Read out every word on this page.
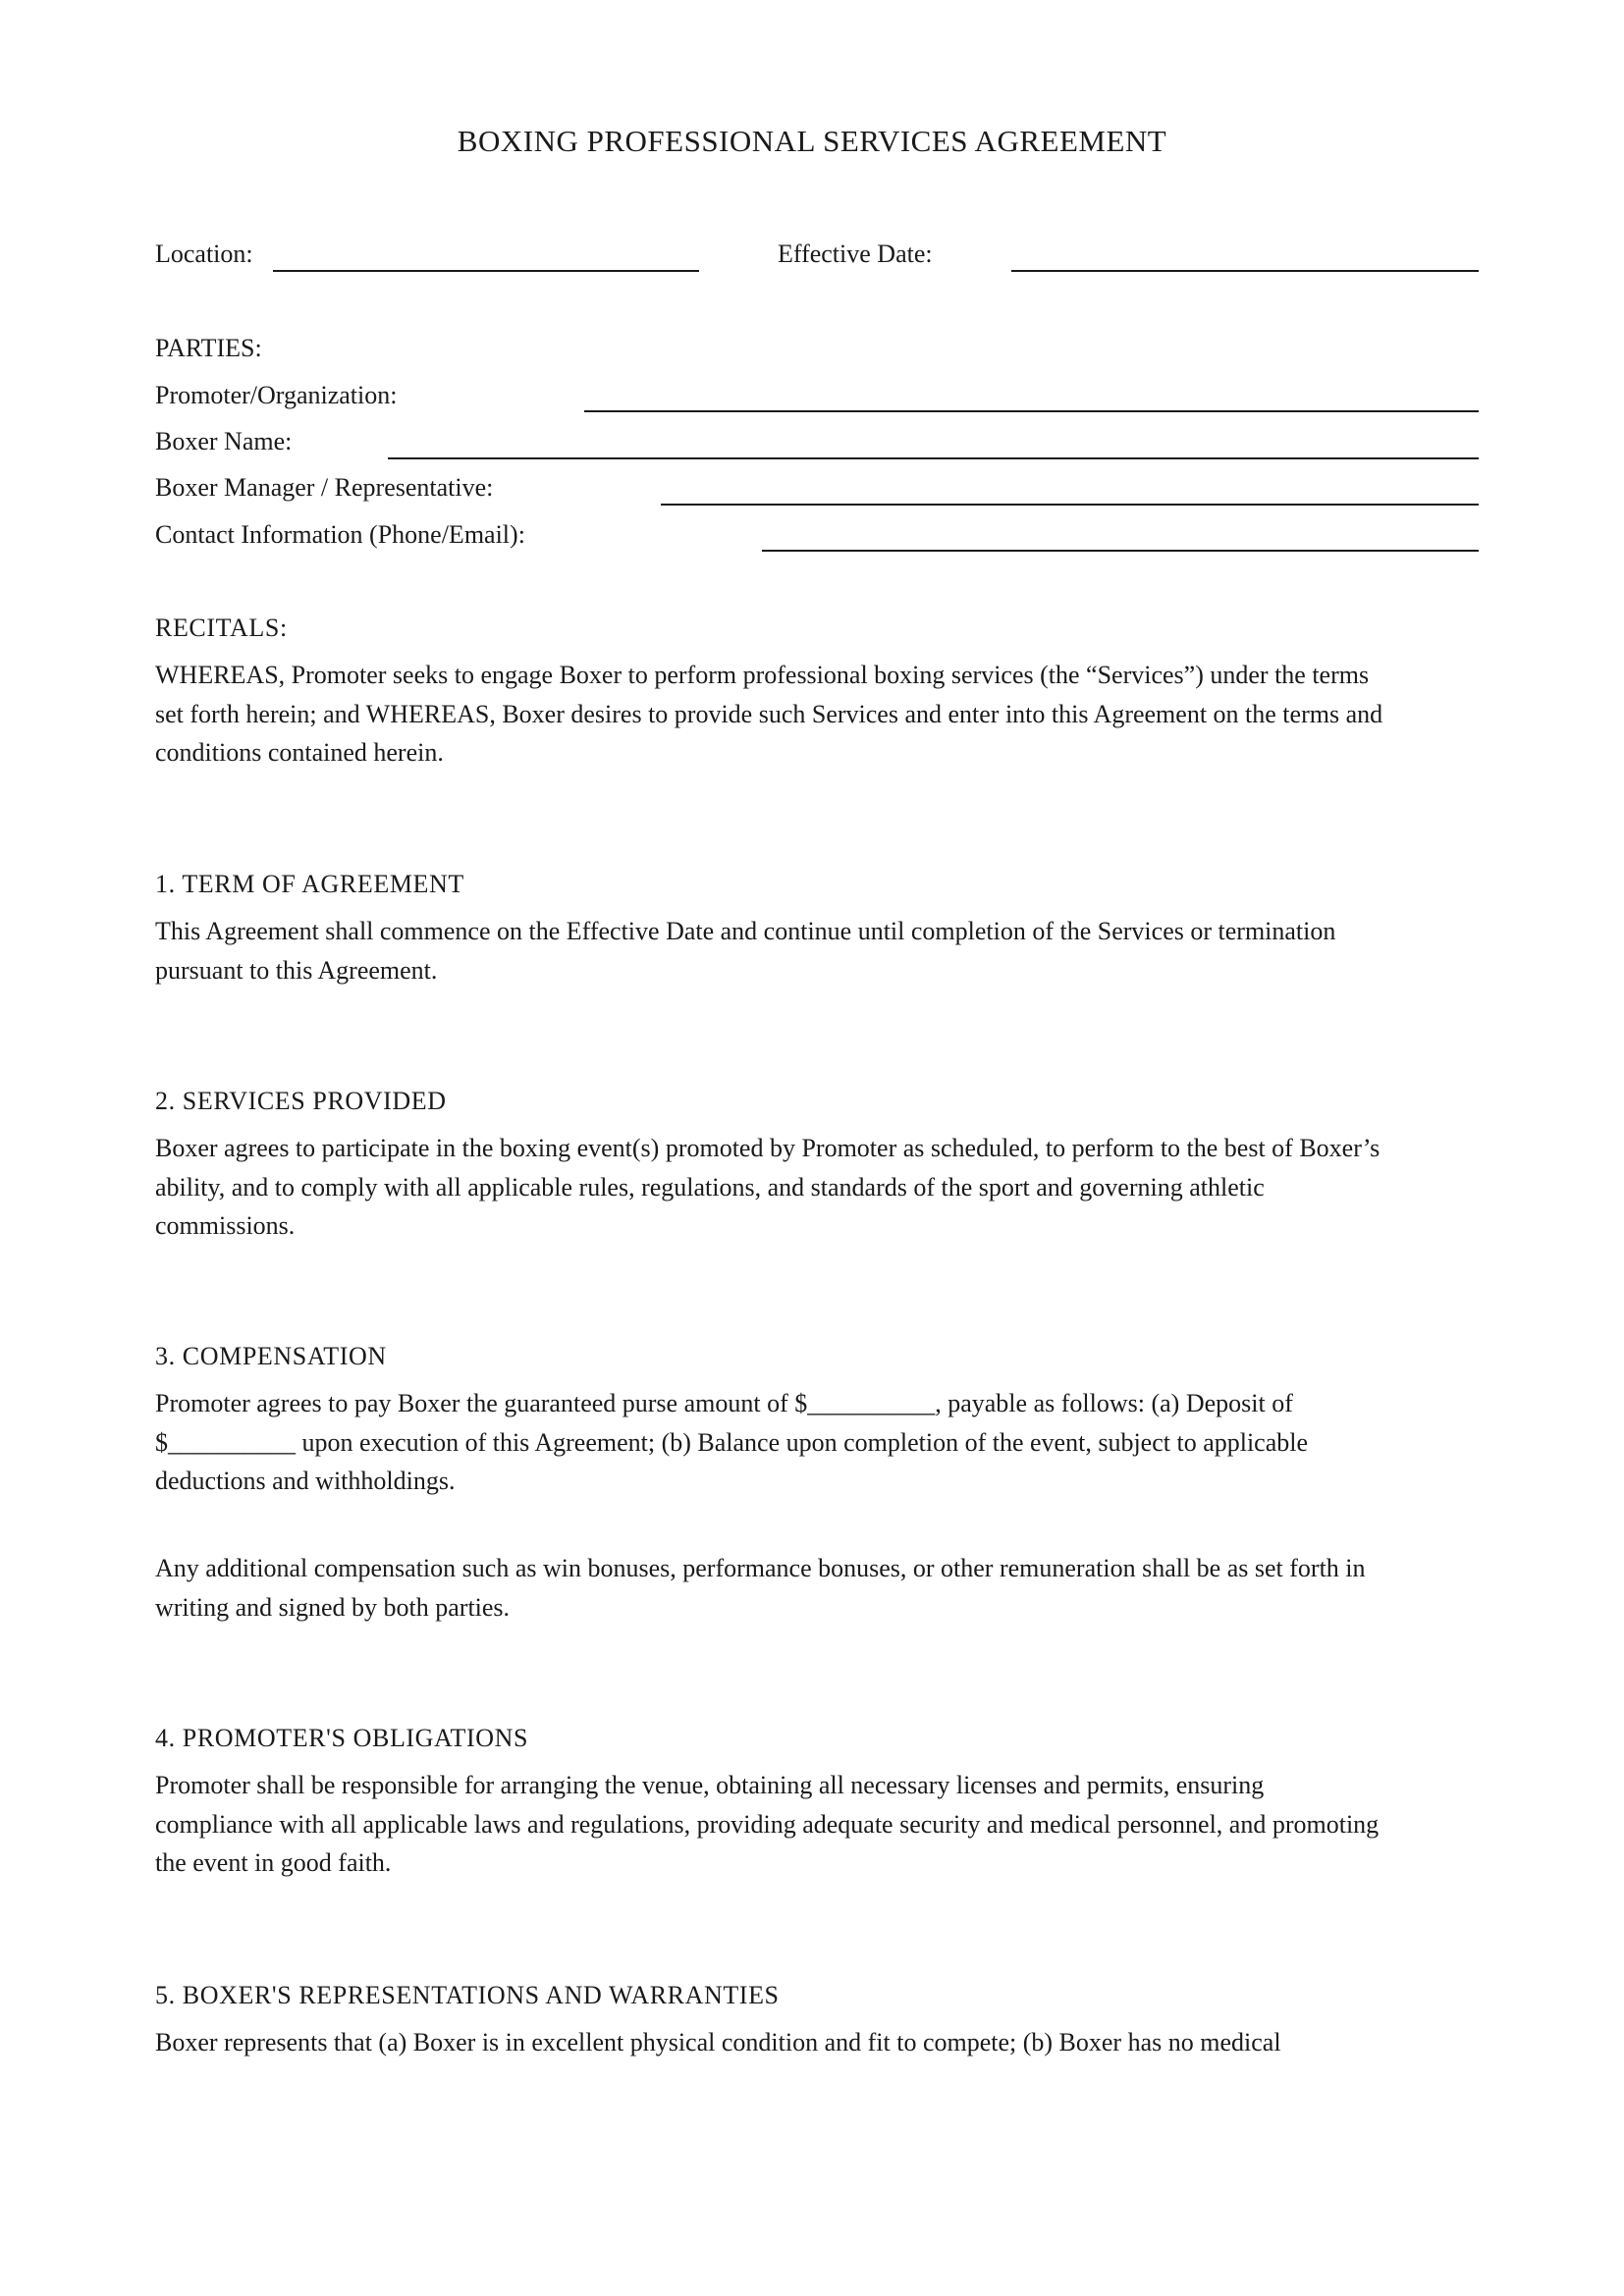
BOXING PROFESSIONAL SERVICES AGREEMENT
Location:	Effective Date:
PARTIES:
Promoter/Organization:
Boxer Name:
Boxer Manager / Representative:
Contact Information (Phone/Email):
RECITALS:
WHEREAS, Promoter seeks to engage Boxer to perform professional boxing services (the “Services”) under the terms
set forth herein; and WHEREAS, Boxer desires to provide such Services and enter into this Agreement on the terms and
conditions contained herein.
1. TERM OF AGREEMENT
This Agreement shall commence on the Effective Date and continue until completion of the Services or termination
pursuant to this Agreement.
2. SERVICES PROVIDED
Boxer agrees to participate in the boxing event(s) promoted by Promoter as scheduled, to perform to the best of Boxer’s
ability, and to comply with all applicable rules, regulations, and standards of the sport and governing athletic
commissions.
3. COMPENSATION
Promoter agrees to pay Boxer the guaranteed purse amount of $__________, payable as follows: (a) Deposit of
$__________ upon execution of this Agreement; (b) Balance upon completion of the event, subject to applicable
deductions and withholdings.
Any additional compensation such as win bonuses, performance bonuses, or other remuneration shall be as set forth in
writing and signed by both parties.
4. PROMOTER'S OBLIGATIONS
Promoter shall be responsible for arranging the venue, obtaining all necessary licenses and permits, ensuring
compliance with all applicable laws and regulations, providing adequate security and medical personnel, and promoting
the event in good faith.
5. BOXER'S REPRESENTATIONS AND WARRANTIES
Boxer represents that (a) Boxer is in excellent physical condition and fit to compete; (b) Boxer has no medical
